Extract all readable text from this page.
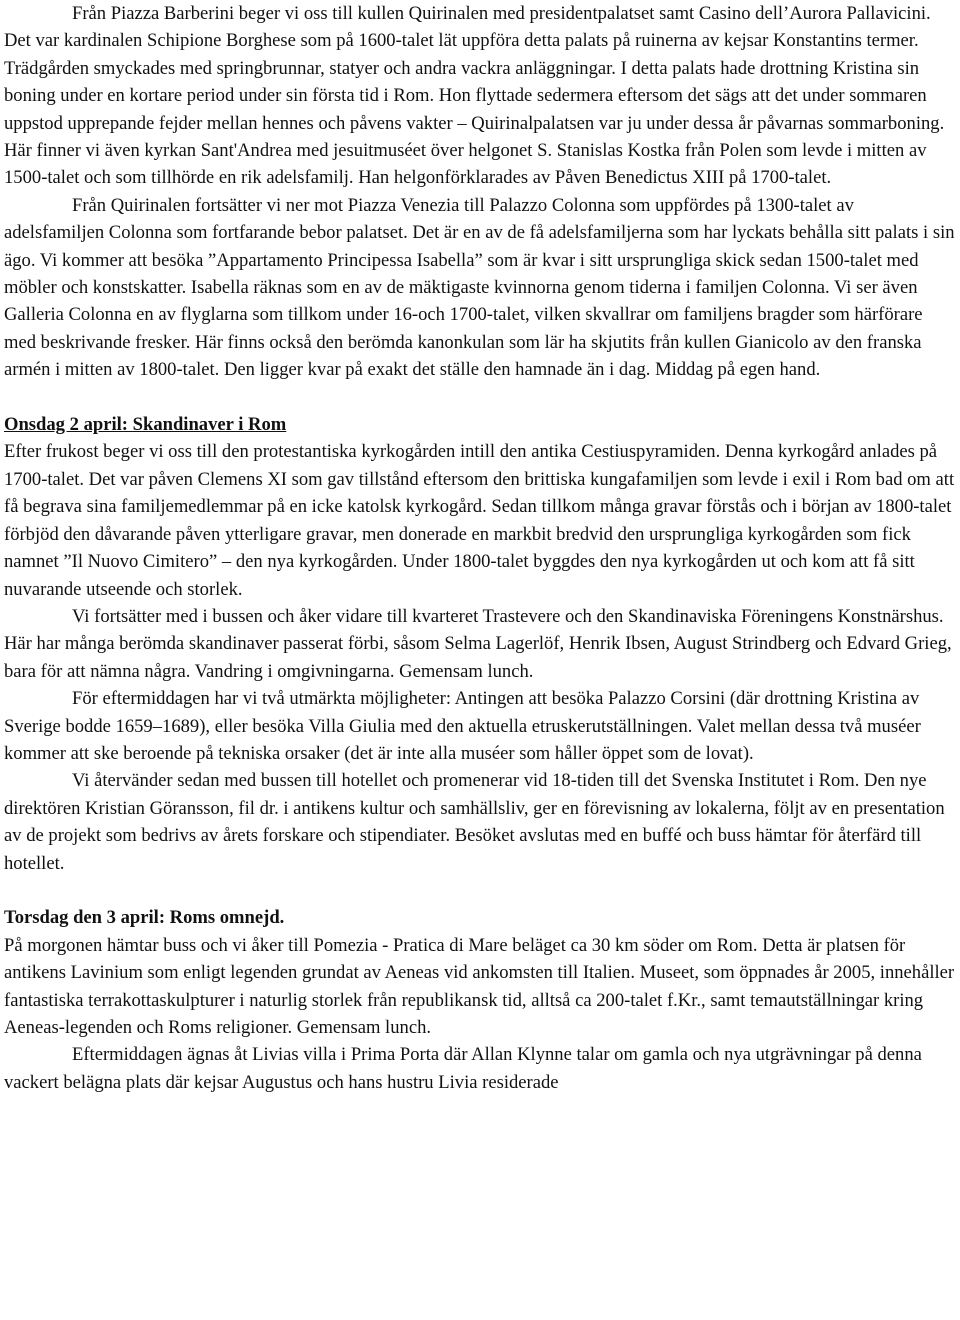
Från Piazza Barberini beger vi oss till kullen Quirinalen med presidentpalatset samt Casino dell’Aurora Pallavicini. Det var kardinalen Schipione Borghese som på 1600-talet lät uppföra detta palats på ruinerna av kejsar Konstantins termer. Trädgården smyckades med springbrunnar, statyer och andra vackra anläggningar. I detta palats hade drottning Kristina sin boning under en kortare period under sin första tid i Rom. Hon flyttade sedermera eftersom det sägs att det under sommaren uppstod upprepande fejder mellan hennes och påvens vakter – Quirinalpalatsen var ju under dessa år påvarnas sommarboning. Här finner vi även kyrkan Sant'Andrea med jesuitmuséet över helgonet S. Stanislas Kostka från Polen som levde i mitten av 1500-talet och som tillhörde en rik adelsfamilj. Han helgonförklarades av Påven Benedictus XIII på 1700-talet.

Från Quirinalen fortsätter vi ner mot Piazza Venezia till Palazzo Colonna som uppfördes på 1300-talet av adelsfamiljen Colonna som fortfarande bebor palatset. Det är en av de få adelsfamiljerna som har lyckats behålla sitt palats i sin ägo. Vi kommer att besöka ”Appartamento Principessa Isabella” som är kvar i sitt ursprungliga skick sedan 1500-talet med möbler och konstskatter. Isabella räknas som en av de mäktigaste kvinnorna genom tiderna i familjen Colonna. Vi ser även Galleria Colonna en av flyglarna som tillkom under 16-och 1700-talet, vilken skvallrar om familjens bragder som härförare med beskrivande fresker. Här finns också den berömda kanonkulan som lär ha skjutits från kullen Gianicolo av den franska armén i mitten av 1800-talet. Den ligger kvar på exakt det ställe den hamnade än i dag. Middag på egen hand.

Onsdag 2 april: Skandinaver i Rom

Efter frukost beger vi oss till den protestantiska kyrkogården intill den antika Cestiuspyramiden. Denna kyrkogård anlades på 1700-talet. Det var påven Clemens XI som gav tillstånd eftersom den brittiska kungafamiljen som levde i exil i Rom bad om att få begrava sina familjemedlemmar på en icke katolsk kyrkogård. Sedan tillkom många gravar förstås och i början av 1800-talet förbjöd den dåvarande påven ytterligare gravar, men donerade en markbit bredvid den ursprungliga kyrkogården som fick namnet ”Il Nuovo Cimitero” – den nya kyrkogården. Under 1800-talet byggdes den nya kyrkogården ut och kom att få sitt nuvarande utseende och storlek.

Vi fortsätter med i bussen och åker vidare till kvarteret Trastevere och den Skandinaviska Föreningens Konstnärshus. Här har många berömda skandinaver passerat förbi, såsom Selma Lagerlöf, Henrik Ibsen, August Strindberg och Edvard Grieg, bara för att nämna några. Vandring i omgivningarna. Gemensam lunch.

För eftermiddagen har vi två utmärkta möjligheter: Antingen att besöka Palazzo Corsini (där drottning Kristina av Sverige bodde 1659–1689), eller besöka Villa Giulia med den aktuella etruskerutställningen. Valet mellan dessa två muséer kommer att ske beroende på tekniska orsaker (det är inte alla muséer som håller öppet som de lovat).

Vi återvänder sedan med bussen till hotellet och promenerar vid 18-tiden till det Svenska Institutet i Rom. Den nye direktören Kristian Göransson, fil dr. i antikens kultur och samhällsliv, ger en förevisning av lokalerna, följt av en presentation av de projekt som bedrivs av årets forskare och stipendiater. Besöket avslutas med en buffé och buss hämtar för återfärd till hotellet.

Torsdag den 3 april: Roms omnejd.

På morgonen hämtar buss och vi åker till Pomezia - Pratica di Mare beläget ca 30 km söder om Rom. Detta är platsen för antikens Lavinium som enligt legenden grundat av Aeneas vid ankomsten till Italien. Museet, som öppnades år 2005, innehåller fantastiska terrakottaskulpturer i naturlig storlek från republikansk tid, alltså ca 200-talet f.Kr., samt temautställningar kring Aeneas-legenden och Roms religioner. Gemensam lunch.

Eftermiddagen ägnas åt Livias villa i Prima Porta där Allan Klynne talar om gamla och nya utgrävningar på denna vackert belägna plats där kejsar Augustus och hans hustru Livia residerade
